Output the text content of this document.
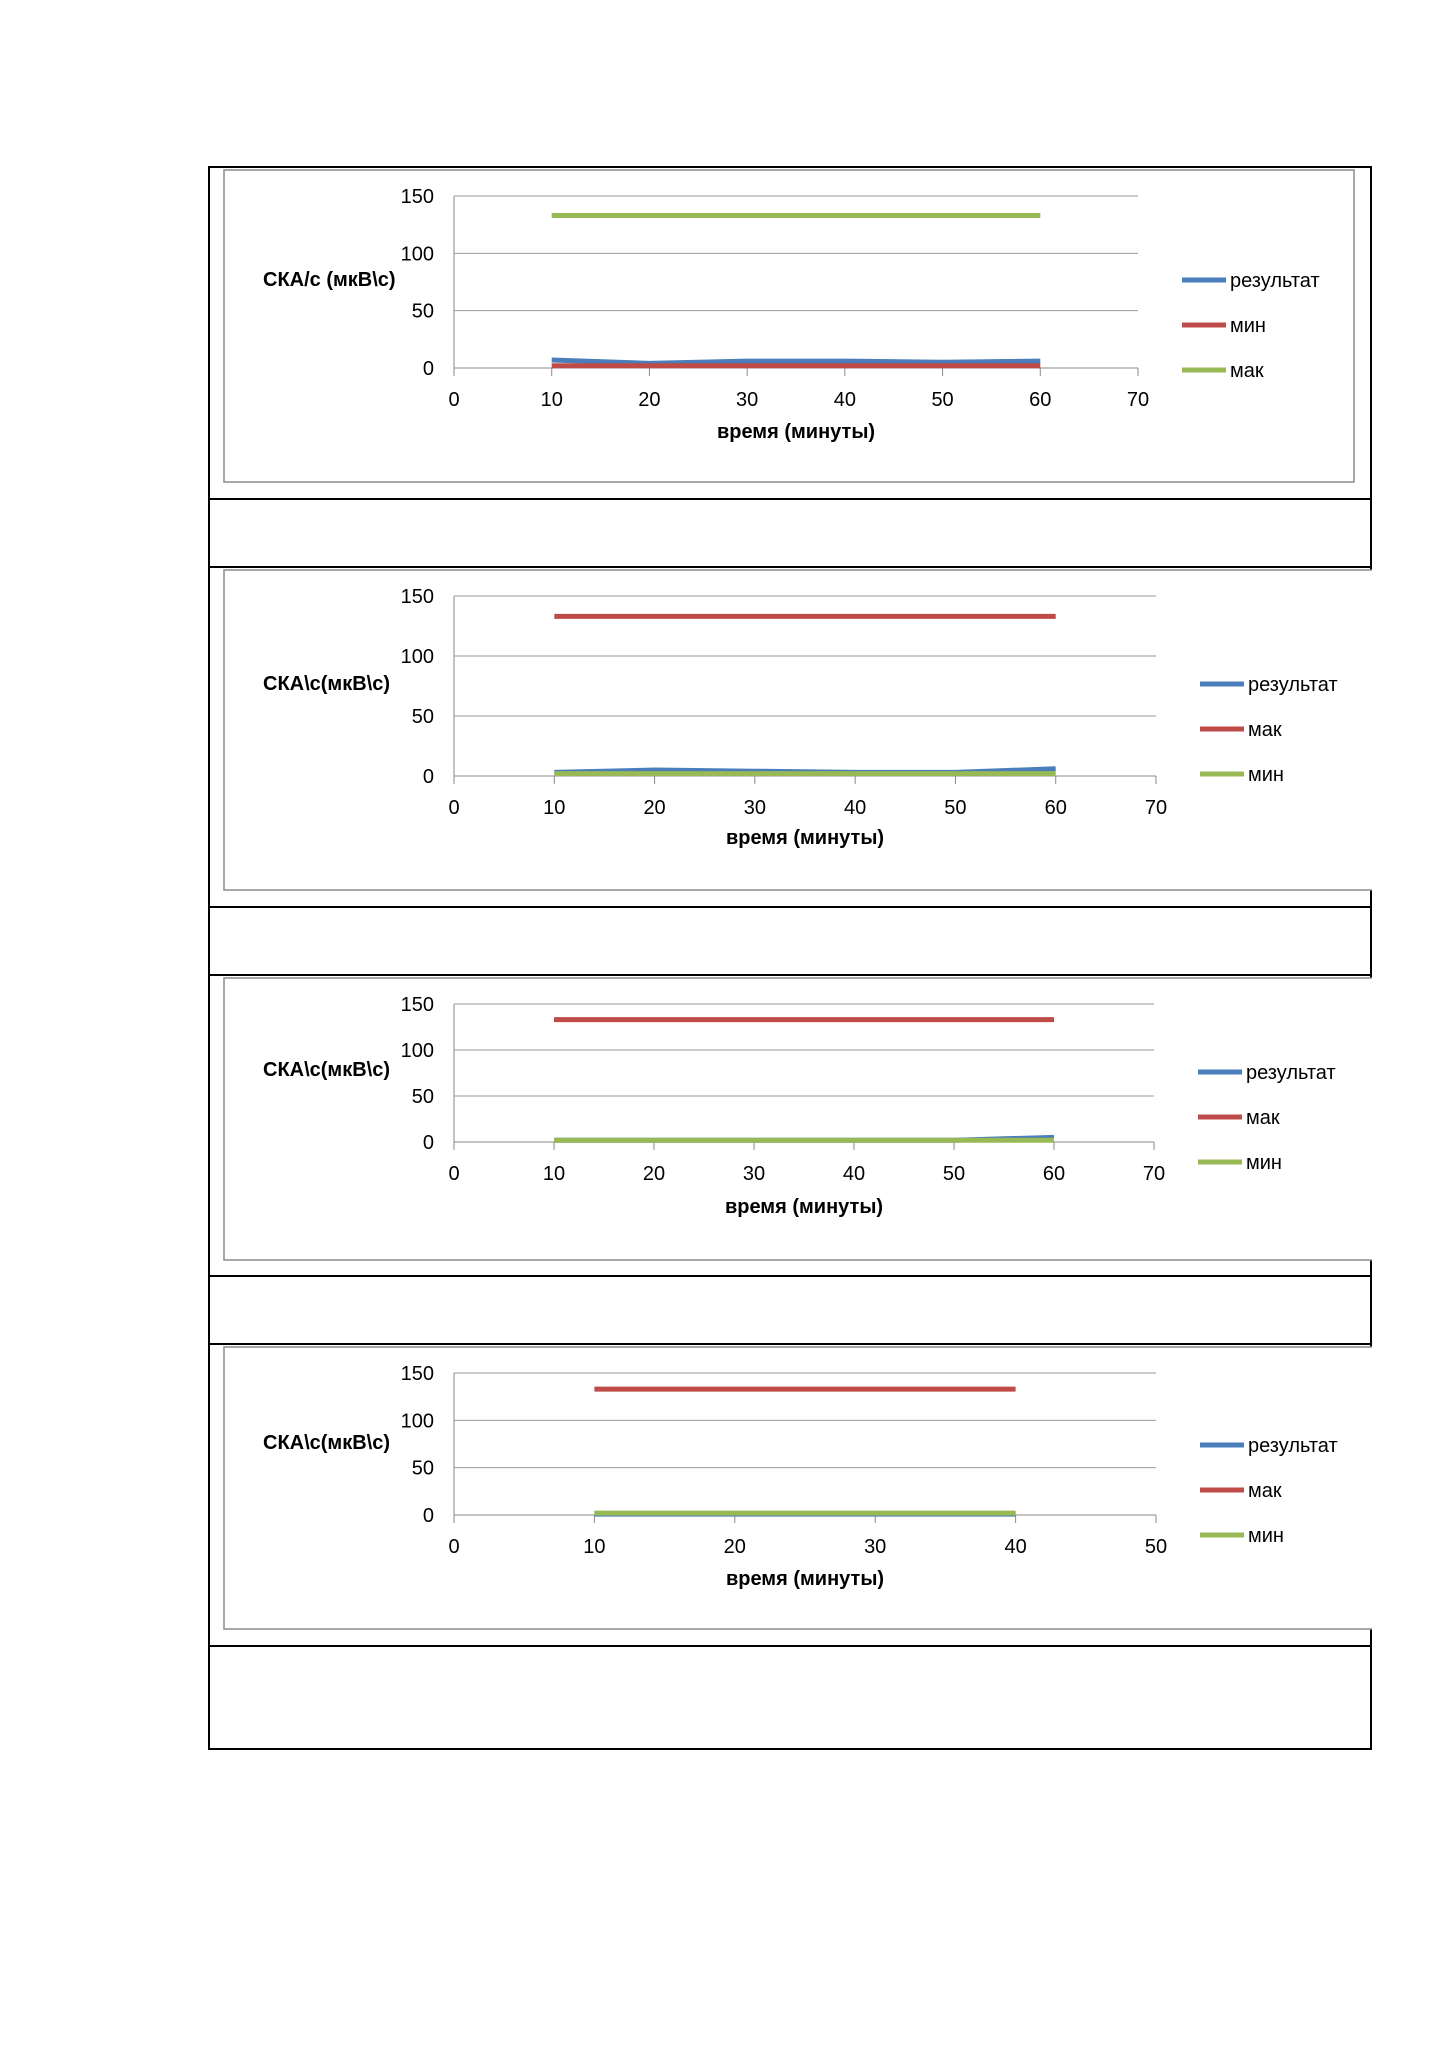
0
50
100
150
0	10	20	30	40	50	60	70
СКА/с (мкВ\с)
время (минуты)
результат
мин
мак

0
50
100
150
0	10	20	30	40	50	60	70
СКА\с(мкВ\с)
время (минуты)
результат
мак
мин

0
50
100
150
0	10	20	30	40	50	60	70
СКА\с(мкВ\с)
время (минуты)
результат
мак
мин

0
50
100
150
0	10	20	30	40	50
СКА\с(мкВ\с)
время (минуты)
результат
мак
мин
